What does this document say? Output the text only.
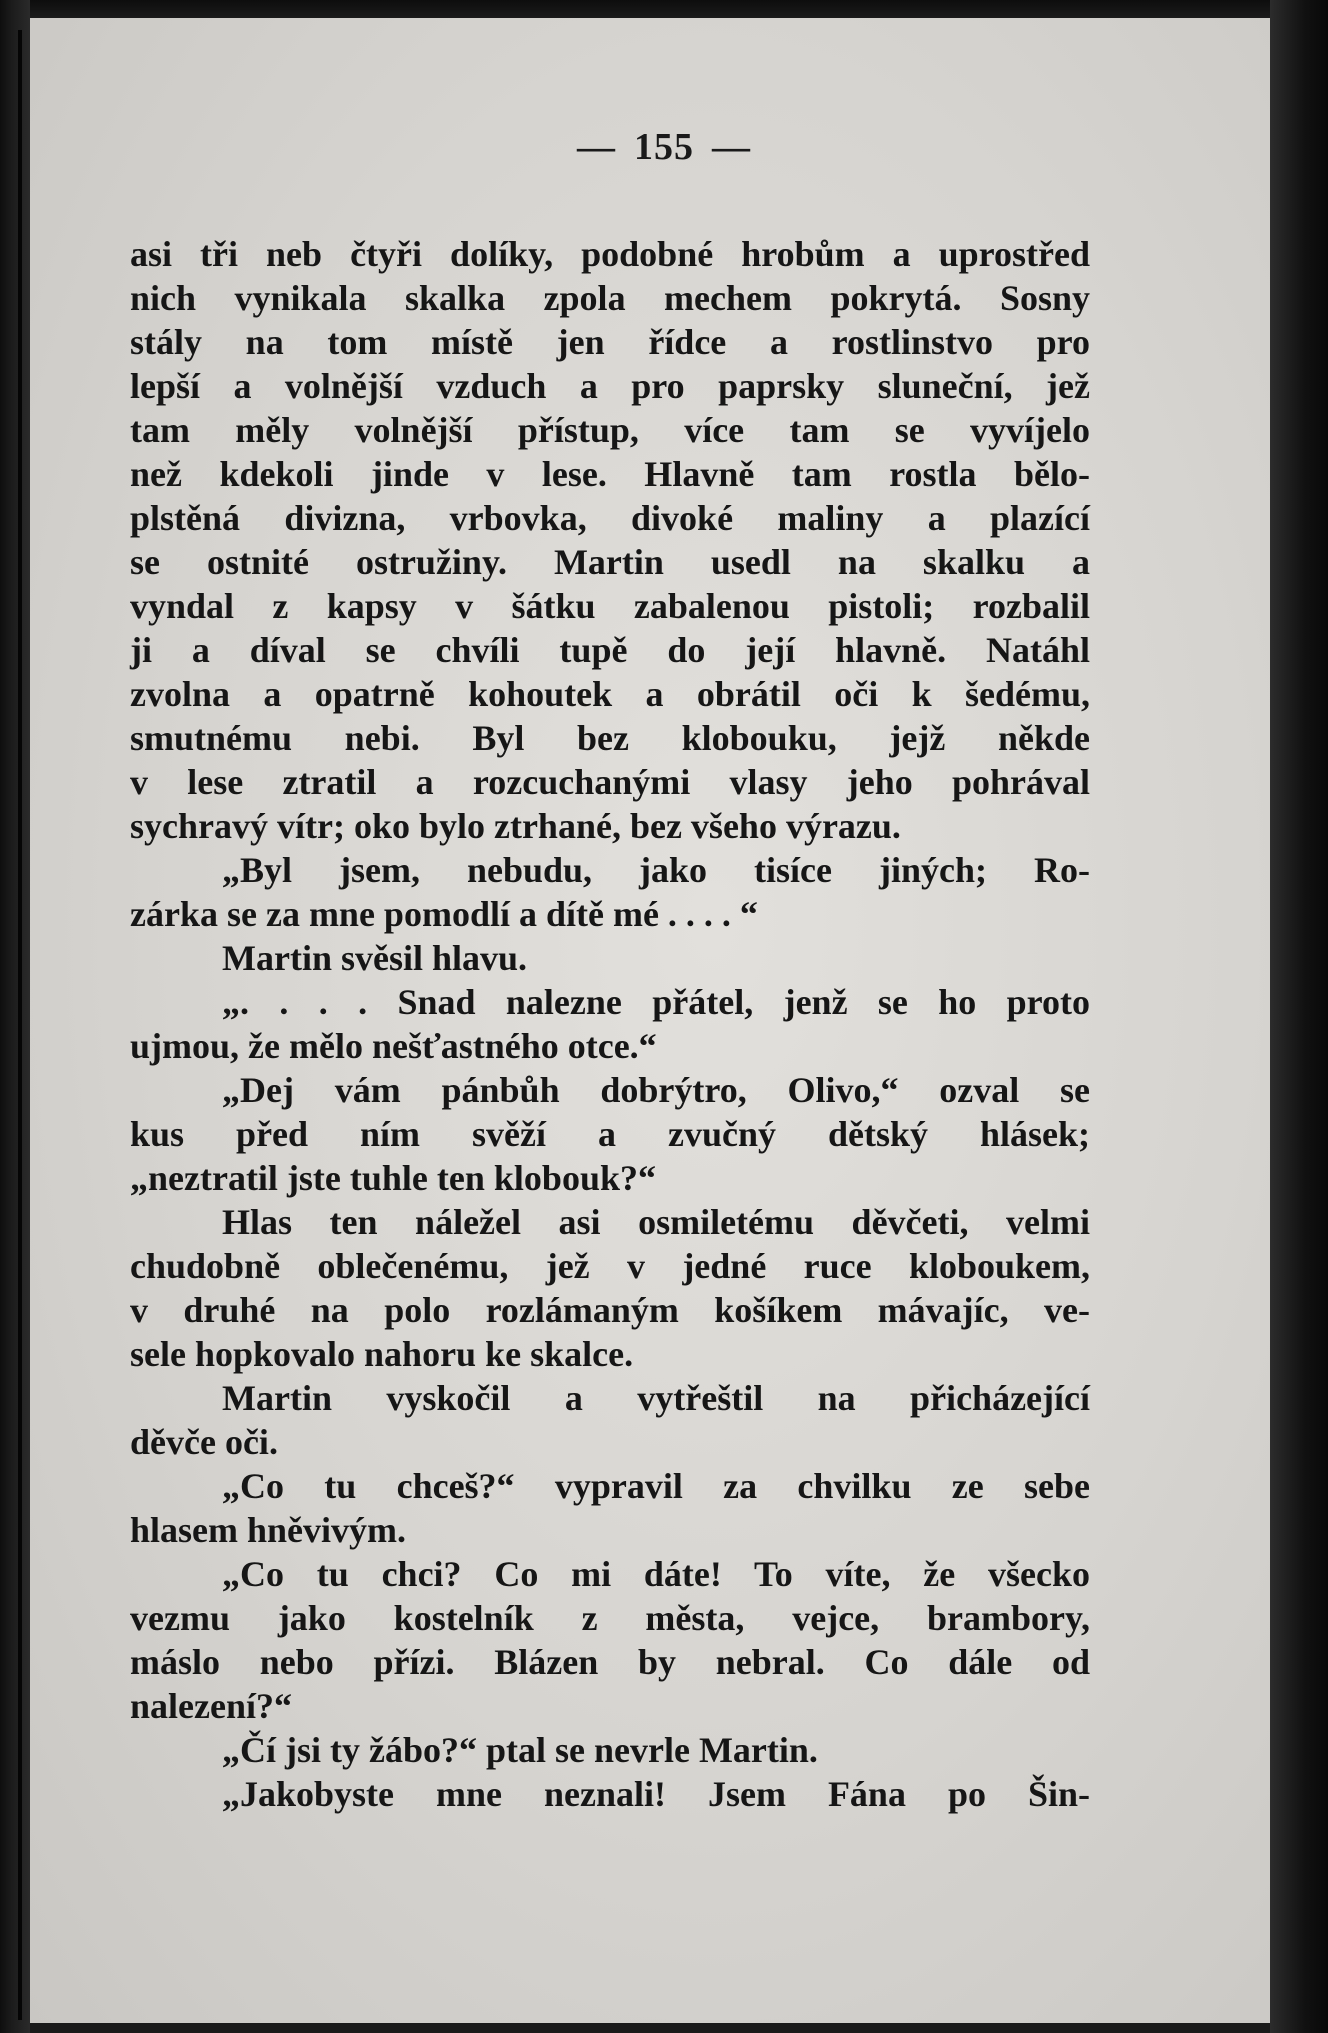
— 155 —
asi tři neb čtyři dolíky, podobné hrobům a uprostřed
nich vynikala skalka zpola mechem pokrytá. Sosny
stály na tom místě jen řídce a rostlinstvo pro
lepší a volnější vzduch a pro paprsky sluneční, jež
tam měly volnější přístup, více tam se vyvíjelo
než kdekoli jinde v lese. Hlavně tam rostla bělo-
plstěná divizna, vrbovka, divoké maliny a plazící
se ostnité ostružiny. Martin usedl na skalku a
vyndal z kapsy v šátku zabalenou pistoli; rozbalil
ji a díval se chvíli tupě do její hlavně. Natáhl
zvolna a opatrně kohoutek a obrátil oči k šedému,
smutnému nebi. Byl bez klobouku, jejž někde
v lese ztratil a rozcuchanými vlasy jeho pohrával
sychravý vítr; oko bylo ztrhané, bez všeho výrazu.
„Byl jsem, nebudu, jako tisíce jiných; Ro-
zárka se za mne pomodlí a dítě mé . . . . “
Martin svěsil hlavu.
„. . . . Snad nalezne přátel, jenž se ho proto
ujmou, že mělo nešťastného otce.“
„Dej vám pánbůh dobrýtro, Olivo,“ ozval se
kus před ním svěží a zvučný dětský hlásek;
„neztratil jste tuhle ten klobouk?“
Hlas ten náležel asi osmiletému děvčeti, velmi
chudobně oblečenému, jež v jedné ruce kloboukem,
v druhé na polo rozlámaným košíkem mávajíc, ve-
sele hopkovalo nahoru ke skalce.
Martin vyskočil a vytřeštil na přicházející
děvče oči.
„Co tu chceš?“ vypravil za chvilku ze sebe
hlasem hněvivým.
„Co tu chci? Co mi dáte! To víte, že všecko
vezmu jako kostelník z města, vejce, brambory,
máslo nebo přízi. Blázen by nebral. Co dále od
nalezení?“
„Čí jsi ty žábo?“ ptal se nevrle Martin.
„Jakobyste mne neznali! Jsem Fána po Šin-
